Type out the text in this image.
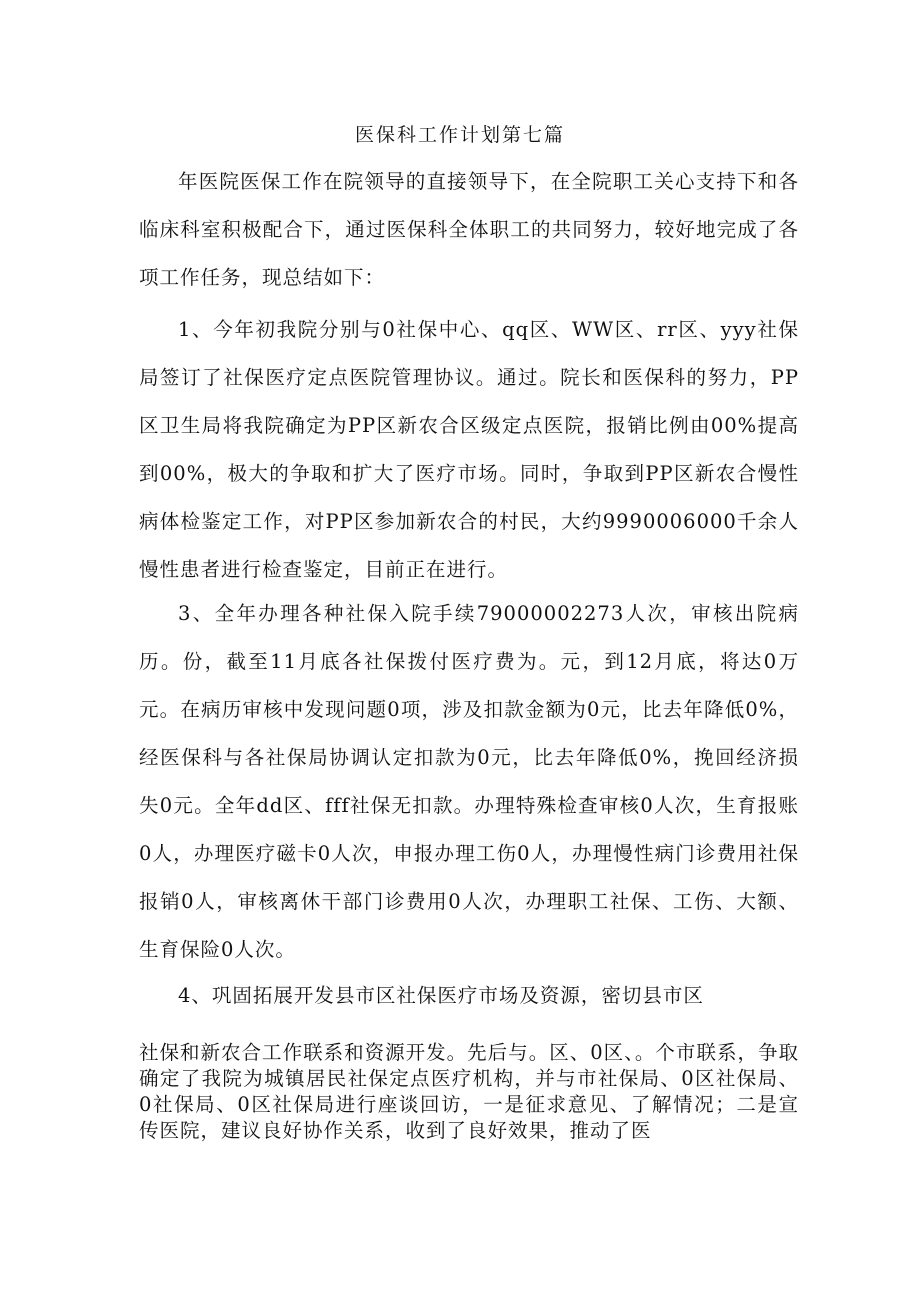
医保科工作计划第七篇

年医院医保工作在院领导的直接领导下，在全院职工关心支持下和各临床科室积极配合下，通过医保科全体职工的共同努力，较好地完成了各项工作任务，现总结如下：

1、今年初我院分别与0社保中心、qq区、WW区、rr区、yyy社保局签订了社保医疗定点医院管理协议。通过。院长和医保科的努力，PP区卫生局将我院确定为PP区新农合区级定点医院，报销比例由00%提高到00%，极大的争取和扩大了医疗市场。同时，争取到PP区新农合慢性病体检鉴定工作，对PP区参加新农合的村民，大约9990006000千余人慢性患者进行检查鉴定，目前正在进行。

3、全年办理各种社保入院手续79000002273人次，审核出院病历。份，截至11月底各社保拨付医疗费为。元，到12月底，将达0万元。在病历审核中发现问题0项，涉及扣款金额为0元，比去年降低0%，经医保科与各社保局协调认定扣款为0元，比去年降低0%，挽回经济损失0元。全年dd区、fff社保无扣款。办理特殊检查审核0人次，生育报账0人，办理医疗磁卡0人次，申报办理工伤0人，办理慢性病门诊费用社保报销0人，审核离休干部门诊费用0人次，办理职工社保、工伤、大额、生育保险0人次。

4、巩固拓展开发县市区社保医疗市场及资源，密切县市区

社保和新农合工作联系和资源开发。先后与。区、0区、。个市联系，争取确定了我院为城镇居民社保定点医疗机构，并与市社保局、0区社保局、0社保局、0区社保局进行座谈回访，一是征求意见、了解情况；二是宣传医院，建议良好协作关系，收到了良好效果，推动了医
